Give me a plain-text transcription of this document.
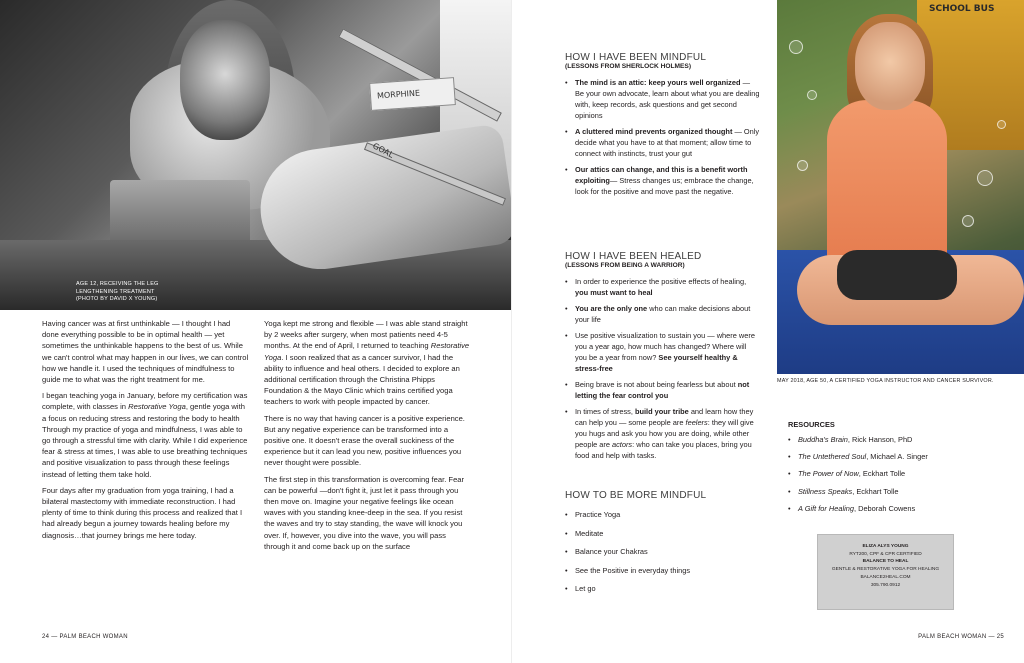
MORPHINE
GOAL
AGE 12, RECEIVING THE LEG
LENGTHENING TREATMENT
(PHOTO BY DAVID X YOUNG)

Having cancer was at first unthinkable — I thought I had done everything possible to be in optimal health — yet sometimes the unthinkable happens to the best of us. While we can't control what may happen in our lives, we can control how we handle it. I used the techniques of mindfulness to guide me to what was the right treatment for me.

I began teaching yoga in January, before my certification was complete, with classes in Restorative Yoga, gentle yoga with a focus on reducing stress and restoring the body to health Through my practice of yoga and mindfulness, I was able to go through a stressful time with clarity. While I did experience fear & stress at times, I was able to use breathing techniques and positive visualization to pass through these feelings instead of letting them take hold.

Four days after my graduation from yoga training, I had a bilateral mastectomy with immediate reconstruction. I had plenty of time to think during this process and realized that I had already begun a journey towards healing before my diagnosis…that journey brings me here today.

Yoga kept me strong and flexible — I was able stand straight by 2 weeks after surgery, when most patients need 4-5 months. At the end of April, I returned to teaching Restorative Yoga. I soon realized that as a cancer survivor, I had the ability to influence and heal others. I decided to explore an additional certification through the Christina Phipps Foundation & the Mayo Clinic which trains certified yoga teachers to work with people impacted by cancer.

There is no way that having cancer is a positive experience. But any negative experience can be transformed into a positive one. It doesn't erase the overall suckiness of the experience but it can lead you new, positive influences you never thought were possible.

The first step in this transformation is overcoming fear. Fear can be powerful —don't fight it, just let it pass through you then move on. Imagine your negative feelings like ocean waves with you standing knee-deep in the sea. If you resist the waves and try to stay standing, the wave will knock you over. If, however, you dive into the wave, you will pass through it and come back up on the surface

24 — PALM BEACH WOMAN
HOW I HAVE BEEN MINDFUL
(LESSONS FROM SHERLOCK HOLMES)
• The mind is an attic: keep yours well organized — Be your own advocate, learn about what you are dealing with, keep records, ask questions and get second opinions
• A cluttered mind prevents organized thought — Only decide what you have to at that moment; allow time to connect with instincts, trust your gut
• Our attics can change, and this is a benefit worth exploiting— Stress changes us; embrace the change, look for the positive and move past the negative.
HOW I HAVE BEEN HEALED
(LESSONS FROM BEING A WARRIOR)
• In order to experience the positive effects of healing, you must want to heal
• You are the only one who can make decisions about your life
• Use positive visualization to sustain you — where were you a year ago, how much has changed? Where will you be a year from now? See yourself healthy & stress-free
• Being brave is not about being fearless but about not letting the fear control you
• In times of stress, build your tribe and learn how they can help you — some people are feelers: they will give you hugs and ask you how you are doing, while other people are actors: who can take you places, bring you food and help with tasks.
HOW TO BE MORE MINDFUL
• Practice Yoga
• Meditate
• Balance your Chakras
• See the Positive in everyday things
• Let go
SCHOOL BUS
MAY 2018, AGE 50, A CERTIFIED YOGA INSTRUCTOR AND CANCER SURVIVOR.
RESOURCES
• Buddha's Brain, Rick Hanson, PhD
• The Untethered Soul, Michael A. Singer
• The Power of Now, Eckhart Tolle
• Stillness Speaks, Eckhart Tolle
• A Gift for Healing, Deborah Cowens
ELIZA ALYS YOUNG
RYT200, CPF & CPR CERTIFIED
BALANCE TO HEAL
GENTLE & RESTORATIVE YOGA FOR HEALING
BALANCE2HEAL.COM
305.790.0912
PALM BEACH WOMAN — 25
